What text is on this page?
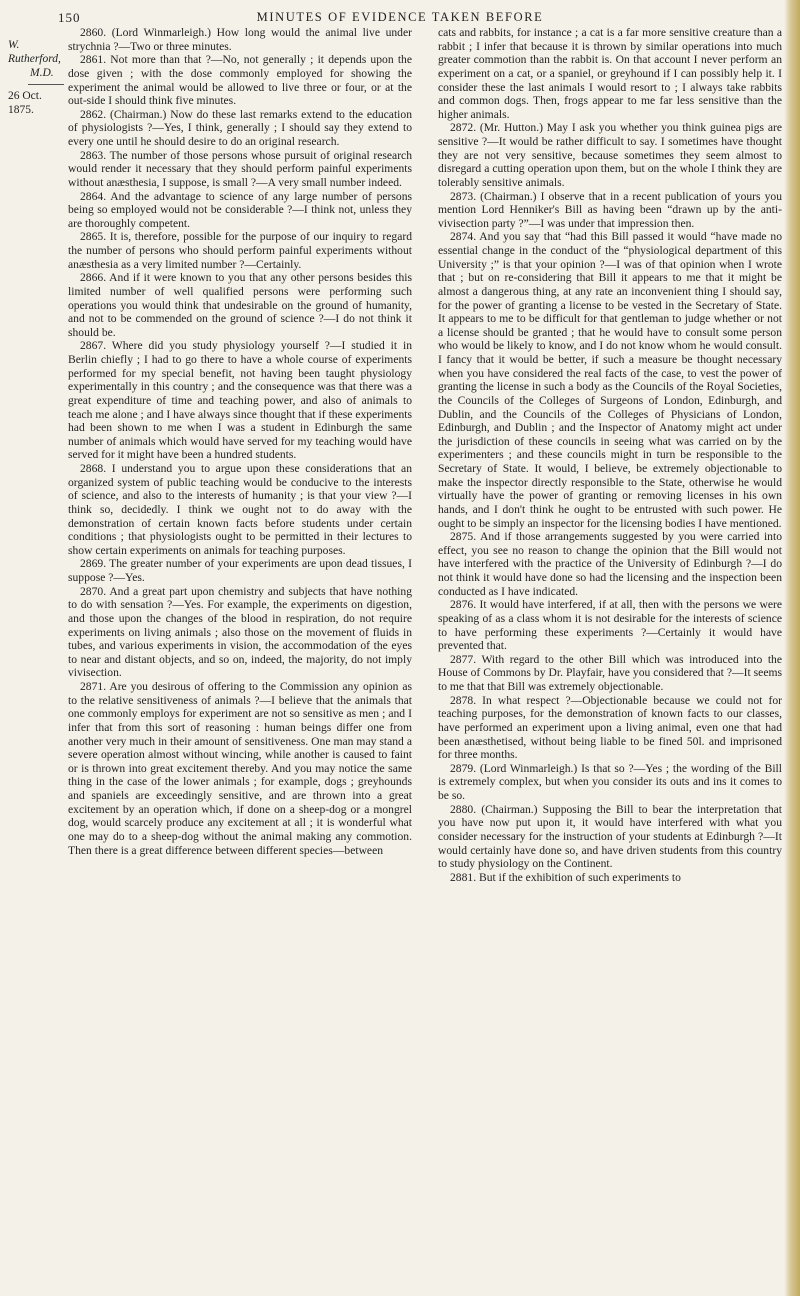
150	MINUTES OF EVIDENCE TAKEN BEFORE
W. Rutherford,
M.D.
26 Oct. 1875.

2860. (Lord Winmarleigh.) How long would the animal live under strychnia ?—Two or three minutes.

2861. Not more than that ?—No, not generally ; it depends upon the dose given ; with the dose commonly employed for showing the experiment the animal would be allowed to live three or four, or at the out-side I should think five minutes.

2862. (Chairman.) Now do these last remarks extend to the education of physiologists ?—Yes, I think, generally ; I should say they extend to every one until he should desire to do an original research.

2863. The number of those persons whose pursuit of original research would render it necessary that they should perform painful experiments without anæsthesia, I suppose, is small ?—A very small number indeed.

2864. And the advantage to science of any large number of persons being so employed would not be considerable ?—I think not, unless they are thoroughly competent.

2865. It is, therefore, possible for the purpose of our inquiry to regard the number of persons who should perform painful experiments without anæsthesia as a very limited number ?—Certainly.

2866. And if it were known to you that any other persons besides this limited number of well qualified persons were performing such operations you would think that undesirable on the ground of humanity, and not to be commended on the ground of science ?—I do not think it should be.

2867. Where did you study physiology yourself ?—I studied it in Berlin chiefly ; I had to go there to have a whole course of experiments performed for my special benefit, not having been taught physiology experimentally in this country ; and the consequence was that there was a great expenditure of time and teaching power, and also of animals to teach me alone ; and I have always since thought that if these experiments had been shown to me when I was a student in Edinburgh the same number of animals which would have served for my teaching would have served for it might have been a hundred students.

2868. I understand you to argue upon these considerations that an organized system of public teaching would be conducive to the interests of science, and also to the interests of humanity ; is that your view ?—I think so, decidedly. I think we ought not to do away with the demonstration of certain known facts before students under certain conditions ; that physiologists ought to be permitted in their lectures to show certain experiments on animals for teaching purposes.

2869. The greater number of your experiments are upon dead tissues, I suppose ?—Yes.

2870. And a great part upon chemistry and subjects that have nothing to do with sensation ?—Yes. For example, the experiments on digestion, and those upon the changes of the blood in respiration, do not require experiments on living animals ; also those on the movement of fluids in tubes, and various experiments in vision, the accommodation of the eyes to near and distant objects, and so on, indeed, the majority, do not imply vivisection.

2871. Are you desirous of offering to the Commission any opinion as to the relative sensitiveness of animals ?—I believe that the animals that one commonly employs for experiment are not so sensitive as men ; and I infer that from this sort of reasoning : human beings differ one from another very much in their amount of sensitiveness. One man may stand a severe operation almost without wincing, while another is caused to faint or is thrown into great excitement thereby. And you may notice the same thing in the case of the lower animals ; for example, dogs ; greyhounds and spaniels are exceedingly sensitive, and are thrown into a great excitement by an operation which, if done on a sheep-dog or a mongrel dog, would scarcely produce any excitement at all ; it is wonderful what one may do to a sheep-dog without the animal making any commotion. Then there is a great difference between different species—between

cats and rabbits, for instance ; a cat is a far more sensitive creature than a rabbit ; I infer that because it is thrown by similar operations into much greater commotion than the rabbit is. On that account I never perform an experiment on a cat, or a spaniel, or greyhound if I can possibly help it. I consider these the last animals I would resort to ; I always take rabbits and common dogs. Then, frogs appear to me far less sensitive than the higher animals.

2872. (Mr. Hutton.) May I ask you whether you think guinea pigs are sensitive ?—It would be rather difficult to say. I sometimes have thought they are not very sensitive, because sometimes they seem almost to disregard a cutting operation upon them, but on the whole I think they are tolerably sensitive animals.

2873. (Chairman.) I observe that in a recent publication of yours you mention Lord Henniker's Bill as having been “drawn up by the anti-vivisection party ?”—I was under that impression then.

2874. And you say that “had this Bill passed it would “have made no essential change in the conduct of the “physiological department of this University ;” is that your opinion ?—I was of that opinion when I wrote that ; but on re-considering that Bill it appears to me that it might be almost a dangerous thing, at any rate an inconvenient thing I should say, for the power of granting a license to be vested in the Secretary of State. It appears to me to be difficult for that gentleman to judge whether or not a license should be granted ; that he would have to consult some person who would be likely to know, and I do not know whom he would consult. I fancy that it would be better, if such a measure be thought necessary when you have considered the real facts of the case, to vest the power of granting the license in such a body as the Councils of the Royal Societies, the Councils of the Colleges of Surgeons of London, Edinburgh, and Dublin, and the Councils of the Colleges of Physicians of London, Edinburgh, and Dublin ; and the Inspector of Anatomy might act under the jurisdiction of these councils in seeing what was carried on by the experimenters ; and these councils might in turn be responsible to the Secretary of State. It would, I believe, be extremely objectionable to make the inspector directly responsible to the State, otherwise he would virtually have the power of granting or removing licenses in his own hands, and I don't think he ought to be entrusted with such power. He ought to be simply an inspector for the licensing bodies I have mentioned.

2875. And if those arrangements suggested by you were carried into effect, you see no reason to change the opinion that the Bill would not have interfered with the practice of the University of Edinburgh ?—I do not think it would have done so had the licensing and the inspection been conducted as I have indicated.

2876. It would have interfered, if at all, then with the persons we were speaking of as a class whom it is not desirable for the interests of science to have performing these experiments ?—Certainly it would have prevented that.

2877. With regard to the other Bill which was introduced into the House of Commons by Dr. Playfair, have you considered that ?—It seems to me that that Bill was extremely objectionable.

2878. In what respect ?—Objectionable because we could not for teaching purposes, for the demonstration of known facts to our classes, have performed an experiment upon a living animal, even one that had been anæsthetised, without being liable to be fined 50l. and imprisoned for three months.

2879. (Lord Winmarleigh.) Is that so ?—Yes ; the wording of the Bill is extremely complex, but when you consider its outs and ins it comes to be so.

2880. (Chairman.) Supposing the Bill to bear the interpretation that you have now put upon it, it would have interfered with what you consider necessary for the instruction of your students at Edinburgh ?—It would certainly have done so, and have driven students from this country to study physiology on the Continent.

2881. But if the exhibition of such experiments to
